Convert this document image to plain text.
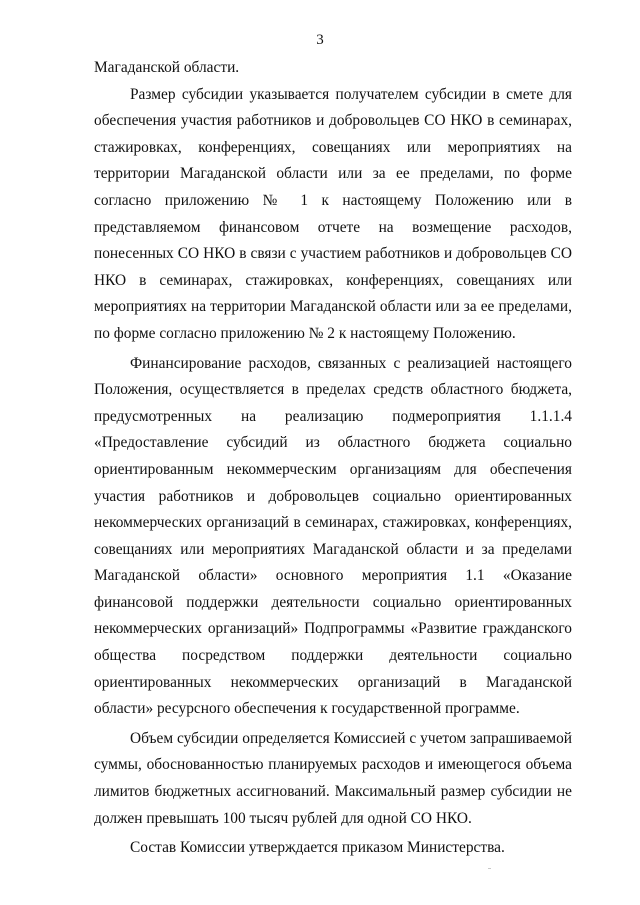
3

Магаданской области.

Размер субсидии указывается получателем субсидии в смете для обеспечения участия работников и добровольцев СО НКО в семинарах, стажировках, конференциях, совещаниях или мероприятиях на территории Магаданской области или за ее пределами, по форме согласно приложению № 1 к настоящему Положению или в представляемом финансовом отчете на возмещение расходов, понесенных СО НКО в связи с участием работников и добровольцев СО НКО в семинарах, стажировках, конференциях, совещаниях или мероприятиях на территории Магаданской области или за ее пределами, по форме согласно приложению № 2 к настоящему Положению.

Финансирование расходов, связанных с реализацией настоящего Положения, осуществляется в пределах средств областного бюджета, предусмотренных на реализацию подмероприятия 1.1.1.4 «Предоставление субсидий из областного бюджета социально ориентированным некоммерческим организациям для обеспечения участия работников и добровольцев социально ориентированных некоммерческих организаций в семинарах, стажировках, конференциях, совещаниях или мероприятиях Магаданской области и за пределами Магаданской области» основного мероприятия 1.1 «Оказание финансовой поддержки деятельности социально ориентированных некоммерческих организаций» Подпрограммы «Развитие гражданского общества посредством поддержки деятельности социально ориентированных некоммерческих организаций в Магаданской области» ресурсного обеспечения к государственной программе.

Объем субсидии определяется Комиссией с учетом запрашиваемой суммы, обоснованностью планируемых расходов и имеющегося объема лимитов бюджетных ассигнований. Максимальный размер субсидии не должен превышать 100 тысяч рублей для одной СО НКО.

Состав Комиссии утверждается приказом Министерства.
